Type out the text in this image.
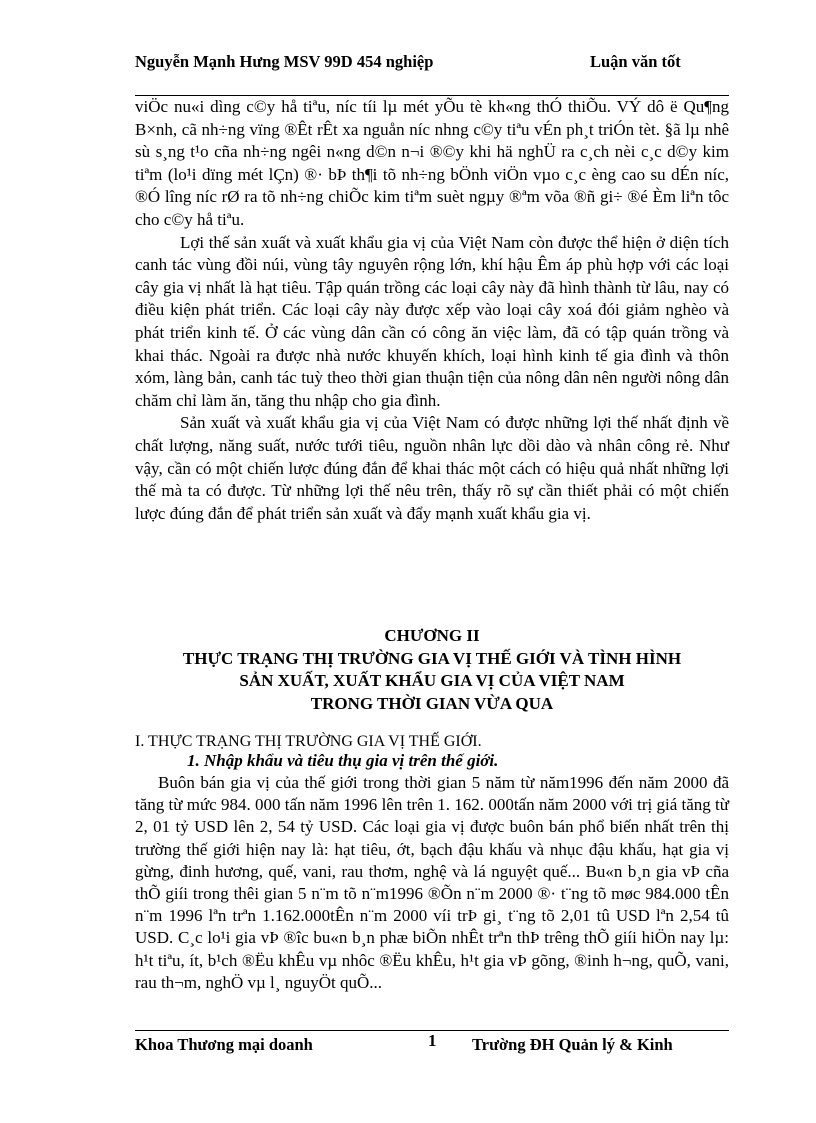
Nguyễn Mạnh Hưng MSV 99D 454 nghiệp	Luận văn tốt

viÖc nu«i dìng c©y hå tiªu, níc tíi lµ mét yÕu tè kh«ng thÓ thiÕu. VÝ dô ë Qu¶ng B×nh, cã nh÷ng vïng ®Êt rÊt xa nguån níc nhng c©y tiªu vÉn ph¸t triÓn tèt. §ã lµ nhê sù s¸ng t¹o cña nh÷ng ngêi n«ng d©n n¬i ®©y khi hä nghÜ ra c¸ch nèi c¸c d©y kim tiªm (lo¹i dïng mét lÇn) ®· bÞ th¶i tõ nh÷ng bÖnh viÖn vµo c¸c èng cao su dÉn níc, ®Ó lîng níc rØ ra tõ nh÷ng chiÕc kim tiªm suèt ngµy ®ªm võa ®ñ gi÷ ®é Èm liªn tôc cho c©y hå tiªu.

Lợi thế sản xuất và xuất khẩu gia vị của Việt Nam còn được thể hiện ở diện tích canh tác vùng đồi núi, vùng tây nguyên rộng lớn, khí hậu Êm áp phù hợp với các loại cây gia vị nhất là hạt tiêu. Tập quán trồng các loại cây này đã hình thành từ lâu, nay có điều kiện phát triển. Các loại cây này được xếp vào loại cây xoá đói giảm nghèo và phát triển kinh tế. Ở các vùng dân cần có công ăn việc làm, đã có tập quán trồng và khai thác. Ngoài ra được nhà nước khuyến khích, loại hình kinh tế gia đình và thôn xóm, làng bản, canh tác tuỳ theo thời gian thuận tiện của nông dân nên người nông dân chăm chỉ làm ăn, tăng thu nhập cho gia đình.

Sản xuất và xuất khẩu gia vị của Việt Nam có được những lợi thế nhất định về chất lượng, năng suất, nước tưới tiêu, nguồn nhân lực dồi dào và nhân công rẻ. Như vậy, cần có một chiến lược đúng đắn để khai thác một cách có hiệu quả nhất những lợi thế mà ta có được. Từ những lợi thế nêu trên, thấy rõ sự cần thiết phải có một chiến lược đúng đắn để phát triển sản xuất và đẩy mạnh xuất khẩu gia vị.

CHƯƠNG II

THỰC TRẠNG THỊ TRƯỜNG GIA VỊ THẾ GIỚI VÀ TÌNH HÌNH

SẢN XUẤT, XUẤT KHẨU GIA VỊ CỦA VIỆT NAM

TRONG THỜI GIAN VỪA QUA

I. THỰC TRẠNG THỊ TRƯỜNG GIA VỊ THẾ GIỚI.
1. Nhập khẩu và tiêu thụ gia vị trên thế giới.

Buôn bán gia vị của thế giới trong thời gian 5 năm từ năm1996 đến năm 2000 đã tăng từ mức 984. 000 tấn năm 1996 lên trên 1. 162. 000tấn năm 2000 với trị giá tăng từ 2, 01 tỷ USD lên 2, 54 tỷ USD. Các loại gia vị được buôn bán phổ biến nhất trên thị trường thế giới hiện nay là: hạt tiêu, ớt, bạch đậu khấu và nhục đậu khấu, hạt gia vị gừng, đinh hương, quế, vani, rau thơm, nghệ và lá nguyệt quế... Bu«n b¸n gia vÞ cña thÕ giíi trong thêi gian 5 n¨m tõ n¨m1996 ®Õn n¨m 2000 ®· t¨ng tõ møc 984.000 tÊn n¨m 1996 lªn trªn 1.162.000tÊn n¨m 2000 víi trÞ gi¸ t¨ng tõ 2,01 tû USD lªn 2,54 tû USD. C¸c lo¹i gia vÞ ®îc bu«n b¸n phæ biÕn nhÊt trªn thÞ trêng thÕ giíi hiÖn nay lµ: h¹t tiªu, ít, b¹ch ®Ëu khÊu vµ nhôc ®Ëu khÊu, h¹t gia vÞ gõng, ®inh h¬ng, quÕ, vani, rau th¬m, nghÖ vµ l¸ nguyÖt quÕ...

Khoa Thương mại doanh	1 Trường ĐH Quản lý & Kinh
